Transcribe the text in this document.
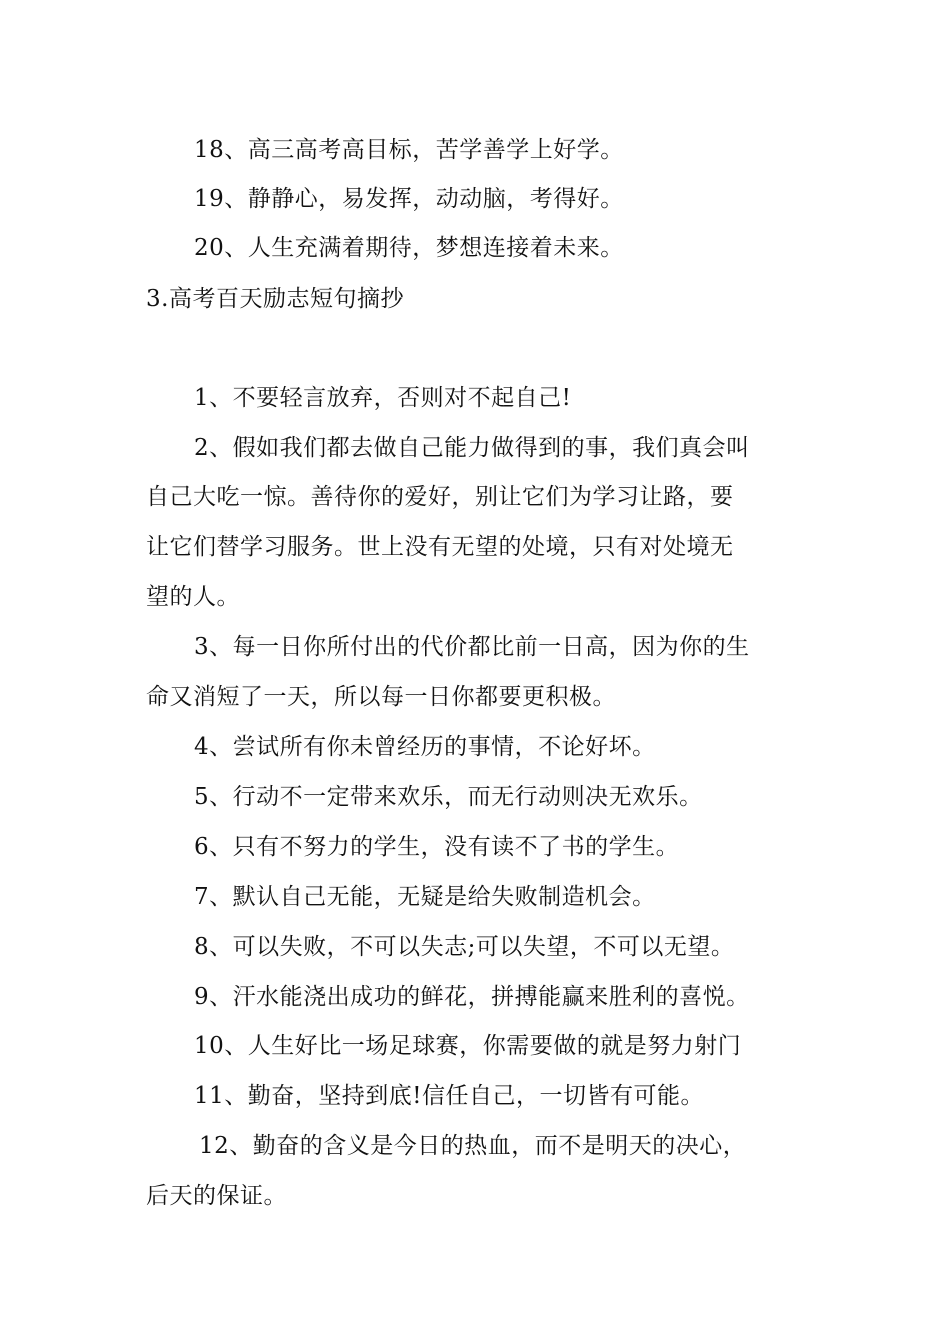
18、高三高考高目标，苦学善学上好学。
19、静静心，易发挥，动动脑，考得好。
20、人生充满着期待，梦想连接着未来。
3.高考百天励志短句摘抄
1、不要轻言放弃，否则对不起自己!
2、假如我们都去做自己能力做得到的事，我们真会叫
自己大吃一惊。善待你的爱好，别让它们为学习让路，要
让它们替学习服务。世上没有无望的处境，只有对处境无
望的人。
3、每一日你所付出的代价都比前一日高，因为你的生
命又消短了一天，所以每一日你都要更积极。
4、尝试所有你未曾经历的事情，不论好坏。
5、行动不一定带来欢乐，而无行动则决无欢乐。
6、只有不努力的学生，没有读不了书的学生。
7、默认自己无能，无疑是给失败制造机会。
8、可以失败，不可以失志;可以失望，不可以无望。
9、汗水能浇出成功的鲜花，拼搏能赢来胜利的喜悦。
10、人生好比一场足球赛，你需要做的就是努力射门
11、勤奋，坚持到底!信任自己，一切皆有可能。
12、勤奋的含义是今日的热血，而不是明天的决心，
后天的保证。
